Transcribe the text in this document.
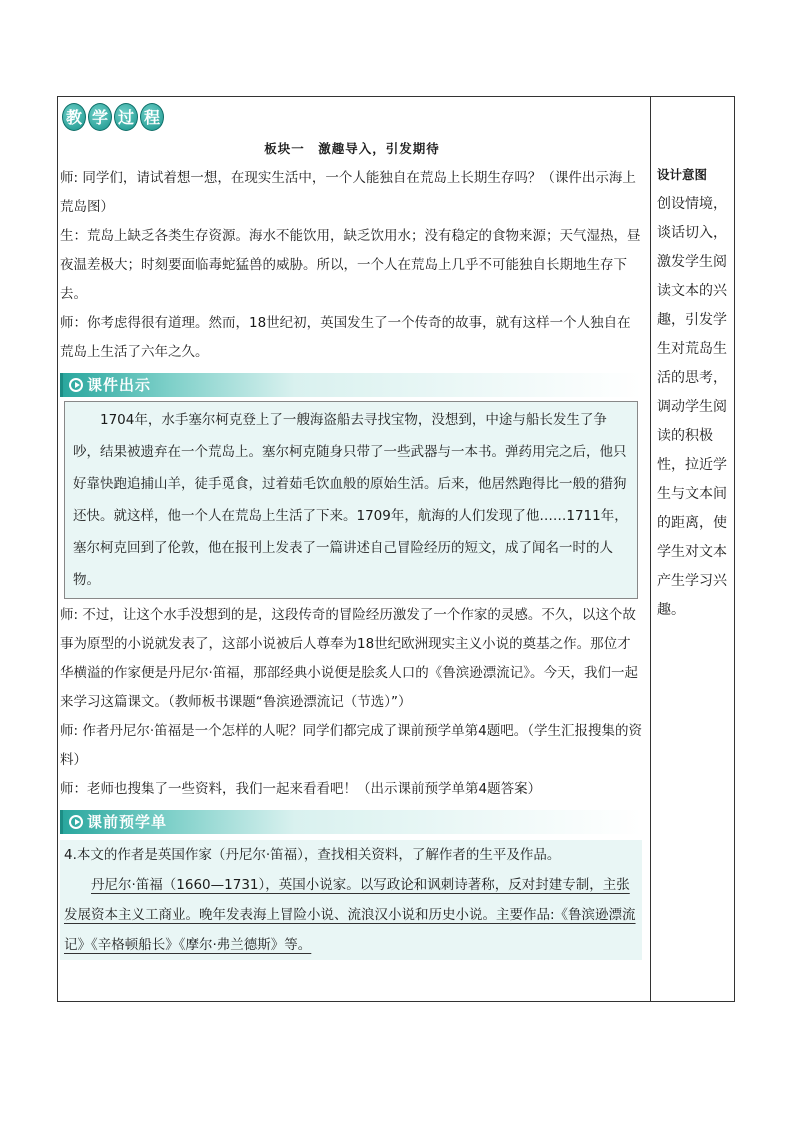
教 学 过 程
板块一　激趣导入，引发期待

师: 同学们，请试着想一想，在现实生活中，一个人能独自在荒岛上长期生存吗？（课件出示海上荒岛图）

生：荒岛上缺乏各类生存资源。海水不能饮用，缺乏饮用水；没有稳定的食物来源；天气湿热，昼夜温差极大；时刻要面临毒蛇猛兽的威胁。所以，一个人在荒岛上几乎不可能独自长期地生存下去。

师：你考虑得很有道理。然而，18世纪初，英国发生了一个传奇的故事，就有这样一个人独自在荒岛上生活了六年之久。

课件出示

1704年，水手塞尔柯克登上了一艘海盗船去寻找宝物，没想到，中途与船长发生了争吵，结果被遗弃在一个荒岛上。塞尔柯克随身只带了一些武器与一本书。弹药用完之后，他只好靠快跑追捕山羊，徒手觅食，过着茹毛饮血般的原始生活。后来，他居然跑得比一般的猎狗还快。就这样，他一个人在荒岛上生活了下来。1709年，航海的人们发现了他……1711年，塞尔柯克回到了伦敦，他在报刊上发表了一篇讲述自己冒险经历的短文，成了闻名一时的人物。

师: 不过，让这个水手没想到的是，这段传奇的冒险经历激发了一个作家的灵感。不久，以这个故事为原型的小说就发表了，这部小说被后人尊奉为18世纪欧洲现实主义小说的奠基之作。那位才华横溢的作家便是丹尼尔·笛福，那部经典小说便是脍炙人口的《鲁滨逊漂流记》。今天，我们一起来学习这篇课文。（教师板书课题“鲁滨逊漂流记（节选）”）

师: 作者丹尼尔·笛福是一个怎样的人呢？同学们都完成了课前预学单第4题吧。（学生汇报搜集的资料）

师：老师也搜集了一些资料，我们一起来看看吧！（出示课前预学单第4题答案）

课前预学单

4.本文的作者是英国作家（丹尼尔·笛福），查找相关资料，了解作者的生平及作品。

丹尼尔·笛福（1660—1731），英国小说家。以写政论和讽刺诗著称，反对封建专制，主张发展资本主义工商业。晚年发表海上冒险小说、流浪汉小说和历史小说。主要作品:《鲁滨逊漂流记》《辛格顿船长》《摩尔·弗兰德斯》等。

设计意图
创设情境，谈话切入，激发学生阅读文本的兴趣，引发学生对荒岛生活的思考，调动学生阅读的积极性，拉近学生与文本间的距离，使学生对文本产生学习兴趣。
